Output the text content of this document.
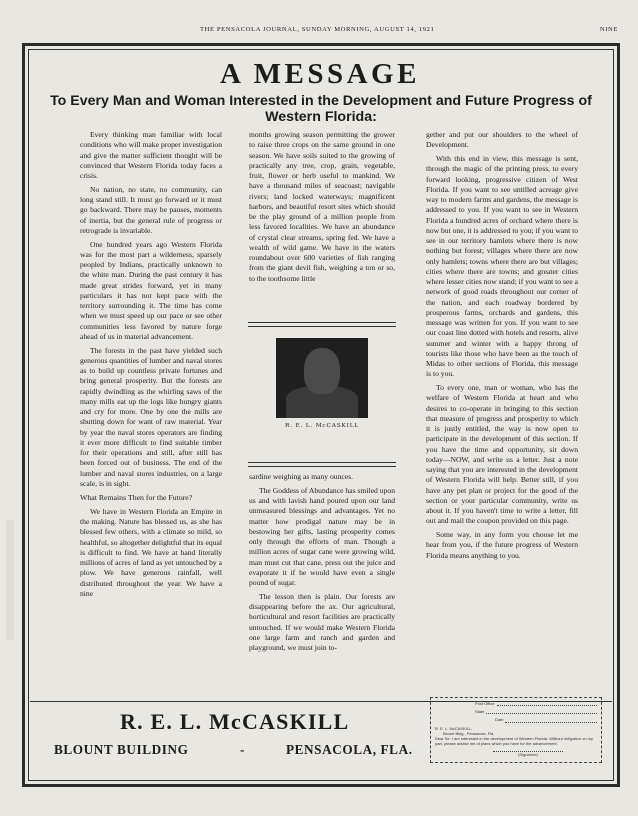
THE PENSACOLA JOURNAL, SUNDAY MORNING, AUGUST 14, 1921	NINE
A MESSAGE
To Every Man and Woman Interested in the Development and Future Progress of Western Florida:

Every thinking man familiar with local conditions who will make proper investigation and give the matter sufficient thought will be convinced that Western Florida today faces a crisis.

No nation, no state, no community, can long stand still. It must go forward or it must go backward. There may be pauses, moments of inertia, but the general rule of progress or retrograde is invariable.

One hundred years ago Western Florida was for the most part a wilderness, sparsely peopled by Indians, practically unknown to the white man. During the past century it has made great strides forward, yet in many particulars it has not kept pace with the territory surrounding it. The time has come when we must speed up our pace or see other communities less favored by nature forge ahead of us in material advancement.

The forests in the past have yielded such generous quantities of lumber and naval stores as to build up countless private fortunes and bring general prosperity. But the forests are rapidly dwindling as the whirling saws of the many mills eat up the logs like hungry giants and cry for more. One by one the mills are shutting down for want of raw material. Year by year the naval stores operators are finding it ever more difficult to find suitable timber for their operations and still, after still has been forced out of business. The end of the lumber and naval stores industries, on a large scale, is in sight.

What Remains Then for the Future?

We have in Western Florida an Empire in the making. Nature has blessed us, as she has blessed few others, with a climate so mild, so healthful, so altogether delightful that its equal is difficult to find. We have at hand literally millions of acres of land as yet untouched by a plow. We have generous rainfall, well distributed throughout the year. We have a nine

months growing season permitting the grower to raise three crops on the same ground in one season. We have soils suited to the growing of practically any tree, crop, grain, vegetable, fruit, flower or herb useful to mankind. We have a thousand miles of seacoast; navigable rivers; land locked waterways; magnificent harbors, and beautiful resort sites which should be the play ground of a million people from less favored localities. We have an abundance of crystal clear streams, spring fed. We have a wealth of wild game. We have in the waters roundabout over 600 varieties of fish ranging from the giant devil fish, weighing a ton or so, to the toothsome little

R. E. L. McCASKILL

sardine weighing as many ounces.

The Goddess of Abundance has smiled upon us and with lavish hand poured upon our land unmeasured blessings and advantages. Yet no matter how prodigal nature may be in bestowing her gifts, lasting prosperity comes only through the efforts of man. Though a million acres of sugar cane were growing wild, man must cut that cane, press out the juice and evaporate it if he would have even a single pound of sugar.

The lesson then is plain. Our forests are disappearing before the ax. Our agricultural, horticultural and resort facilities are practically untouched. If we would make Western Florida one large farm and ranch and garden and playground, we must join to-

gether and put our shoulders to the wheel of Development.

With this end in view, this message is sent, through the magic of the printing press, to every forward looking, progressive citizen of West Florida. If you want to see untilled acreage give way to modern farms and gardens, the message is addressed to you. If you want to see in Western Florida a hundred acres of orchard where there is now but one, it is addressed to you; if you want to see in our territory hamlets where there is now nothing but forest; villages where there are now only hamlets; towns where there are but villages; cities where there are towns; and greater cities where lesser cities now stand; if you want to see a network of good roads throughout our corner of the nation, and each roadway bordered by prosperous farms, orchards and gardens, this message was written for you. If you want to see our coast line dotted with hotels and resorts, alive summer and winter with a happy throng of tourists like those who have been as the touch of Midas to other sections of Florida, this message is to you.

To every one, man or woman, who has the welfare of Western Florida at heart and who desires to co-operate in bringing to this section that measure of progress and prosperity to which it is justly entitled, the way is now open to participate in the development of this section. If you have the time and opportunity, sit down today—NOW, and write us a letter. Just a note saying that you are interested in the development of Western Florida will help. Better still, if you have any pet plan or project for the good of the section or your particular community, write us about it. If you haven't time to write a letter, fill out and mail the coupon provided on this page.

Some way, in any form you choose let me hear from you, if the future progress of Western Florida means anything to you.

R. E. L. McCASKILL
BLOUNT BUILDING	-	PENSACOLA, FLA.
Post Office
State
Date
R. E. L. McCASKILL,
Blount Bldg., Pensacola, Fla.
Dear Sir: I am interested in the development of Western Florida. Without obligation on my part, please advise me of plans which you have for the advancement.
(Signature)
